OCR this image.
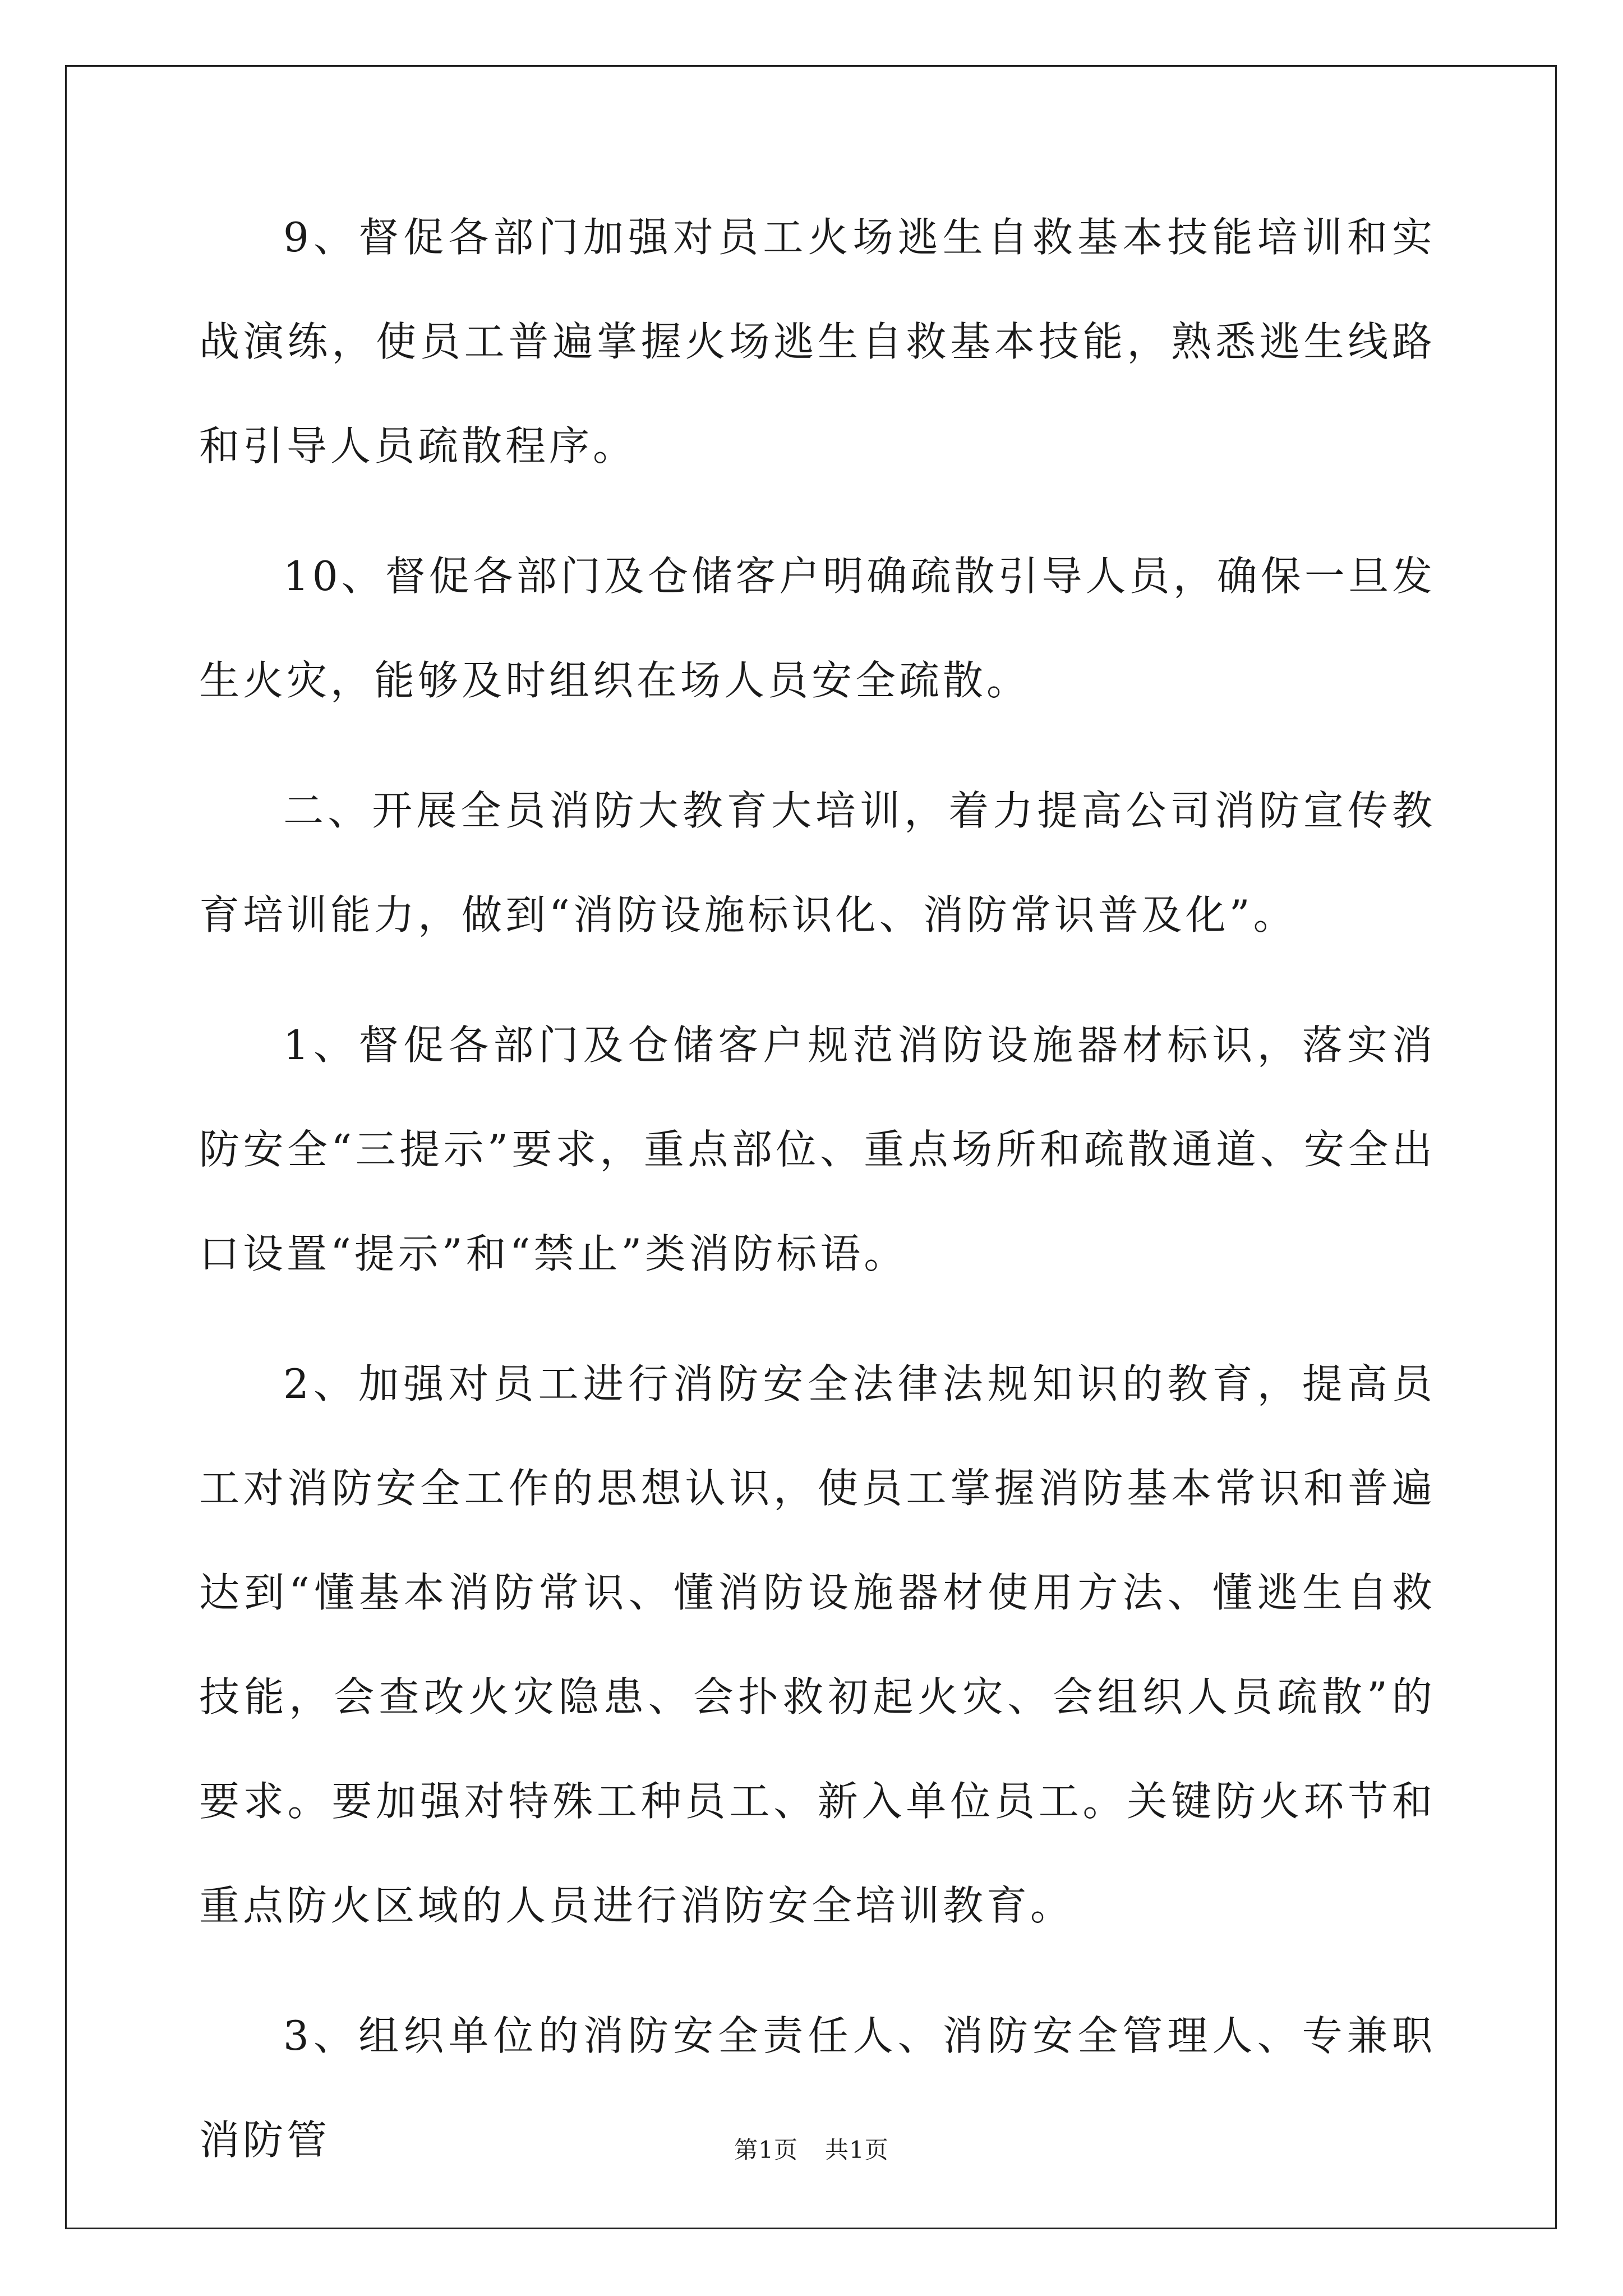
9、督促各部门加强对员工火场逃生自救基本技能培训和实战演练，使员工普遍掌握火场逃生自救基本技能，熟悉逃生线路和引导人员疏散程序。

10、督促各部门及仓储客户明确疏散引导人员，确保一旦发生火灾，能够及时组织在场人员安全疏散。

二、开展全员消防大教育大培训，着力提高公司消防宣传教育培训能力，做到“消防设施标识化、消防常识普及化”。

1、督促各部门及仓储客户规范消防设施器材标识，落实消防安全“三提示”要求，重点部位、重点场所和疏散通道、安全出口设置“提示”和“禁止”类消防标语。

2、加强对员工进行消防安全法律法规知识的教育，提高员工对消防安全工作的思想认识，使员工掌握消防基本常识和普遍达到“懂基本消防常识、懂消防设施器材使用方法、懂逃生自救技能，会查改火灾隐患、会扑救初起火灾、会组织人员疏散”的要求。要加强对特殊工种员工、新入单位员工。关键防火环节和重点防火区域的人员进行消防安全培训教育。

3、组织单位的消防安全责任人、消防安全管理人、专兼职消防管	第1页 共1页
